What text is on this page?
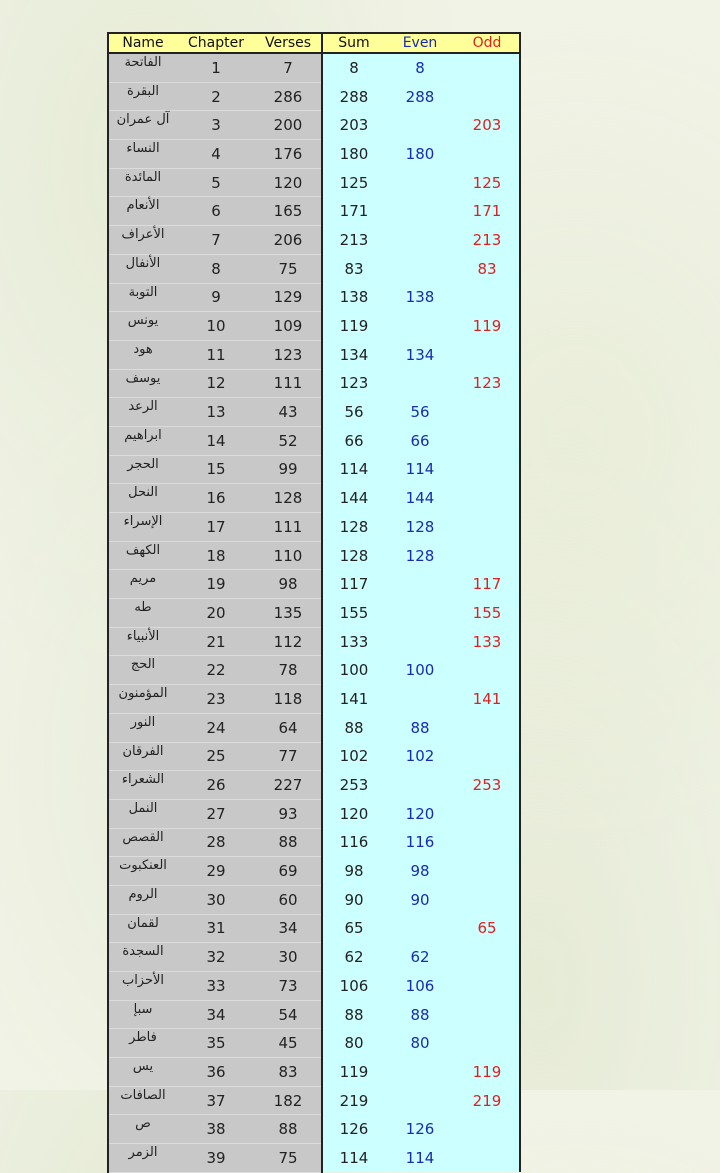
Name	Chapter	Verses	Sum	Even	Odd
الفاتحة	1	7	8	8	
البقرة	2	286	288	288	
آل عمران	3	200	203		203
النساء	4	176	180	180	
المائدة	5	120	125		125
الأنعام	6	165	171		171
الأعراف	7	206	213		213
الأنفال	8	75	83		83
التوبة	9	129	138	138	
يونس	10	109	119		119
هود	11	123	134	134	
يوسف	12	111	123		123
الرعد	13	43	56	56	
ابراهيم	14	52	66	66	
الحجر	15	99	114	114	
النحل	16	128	144	144	
الإسراء	17	111	128	128	
الكهف	18	110	128	128	
مريم	19	98	117		117
طه	20	135	155		155
الأنبياء	21	112	133		133
الحج	22	78	100	100	
المؤمنون	23	118	141		141
النور	24	64	88	88	
الفرقان	25	77	102	102	
الشعراء	26	227	253		253
النمل	27	93	120	120	
القصص	28	88	116	116	
العنكبوت	29	69	98	98	
الروم	30	60	90	90	
لقمان	31	34	65		65
السجدة	32	30	62	62	
الأحزاب	33	73	106	106	
سبإ	34	54	88	88	
فاطر	35	45	80	80	
يس	36	83	119		119
الصافات	37	182	219		219
ص	38	88	126	126	
الزمر	39	75	114	114	
